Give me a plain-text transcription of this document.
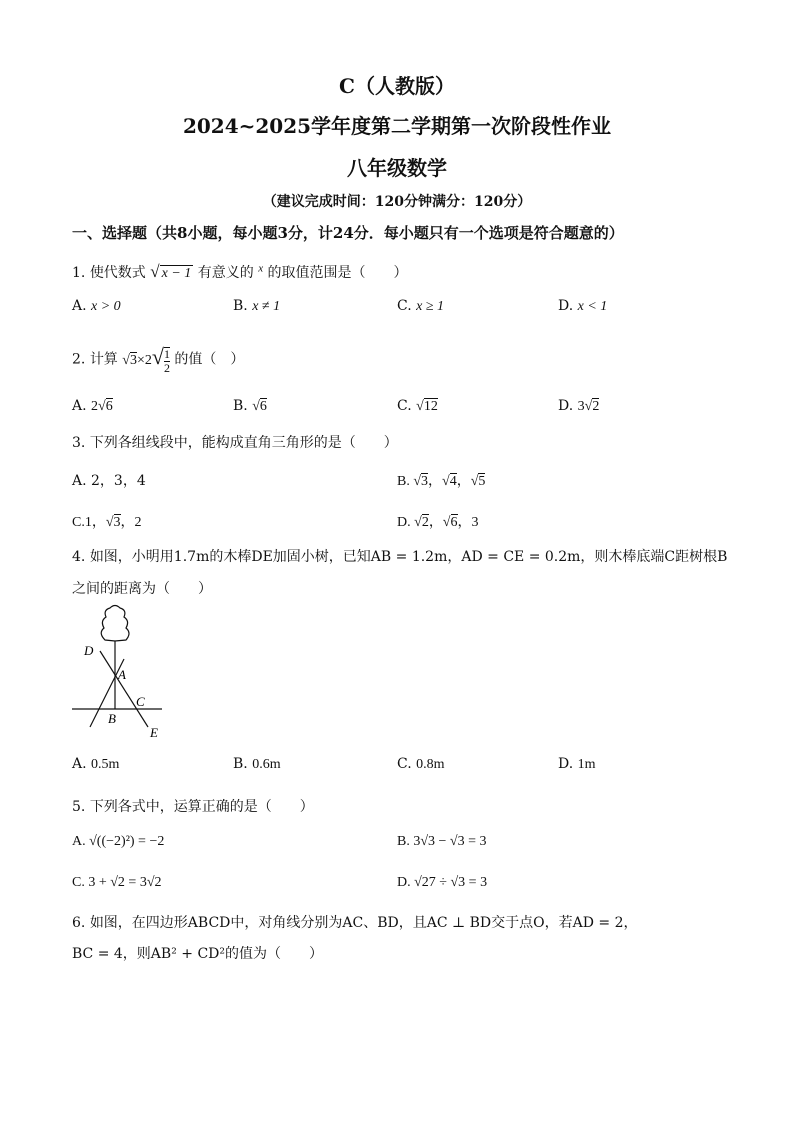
C（人教版）
2024~2025学年度第二学期第一次阶段性作业
八年级数学
（建议完成时间：120分钟满分：120分）
一、选择题（共8小题，每小题3分，计24分．每小题只有一个选项是符合题意的）
1. 使代数式 √ x − 1 有意义的 $^x$ 的取值范围是（　　）
A. x > 0	B. x ≠ 1	C. x ≥ 1	D. x < 1
2. 计算 $√3\times 2√ \frac{1}{2}$ 的值（　）
A. 2√6	B. √6	C. √12	D. 3√2
3. 下列各组线段中，能构成直角三角形的是（　　）
A. 2，3，4	B. √3，√4，√5
C.1，√3，2	D. √2，√6，3
4. 如图，小明用1.7m的木棒DE加固小树，已知AB = 1.2m，AD = CE = 0.2m，则木棒底端C距树根B
之间的距离为（　　）
D
A
C
B
E
A. 0.5m	B. 0.6m	C. 0.8m	D. 1m
5. 下列各式中，运算正确的是（　　）
A. √((−2)²) = −2	B. 3√3 − √3 = 3
C. 3 + √2 = 3√2	D. √27 ÷ √3 = 3
6. 如图，在四边形ABCD中，对角线分别为AC、BD，且AC ⊥ BD交于点O，若AD = 2，
BC = 4，则AB² + CD²的值为（　　）
